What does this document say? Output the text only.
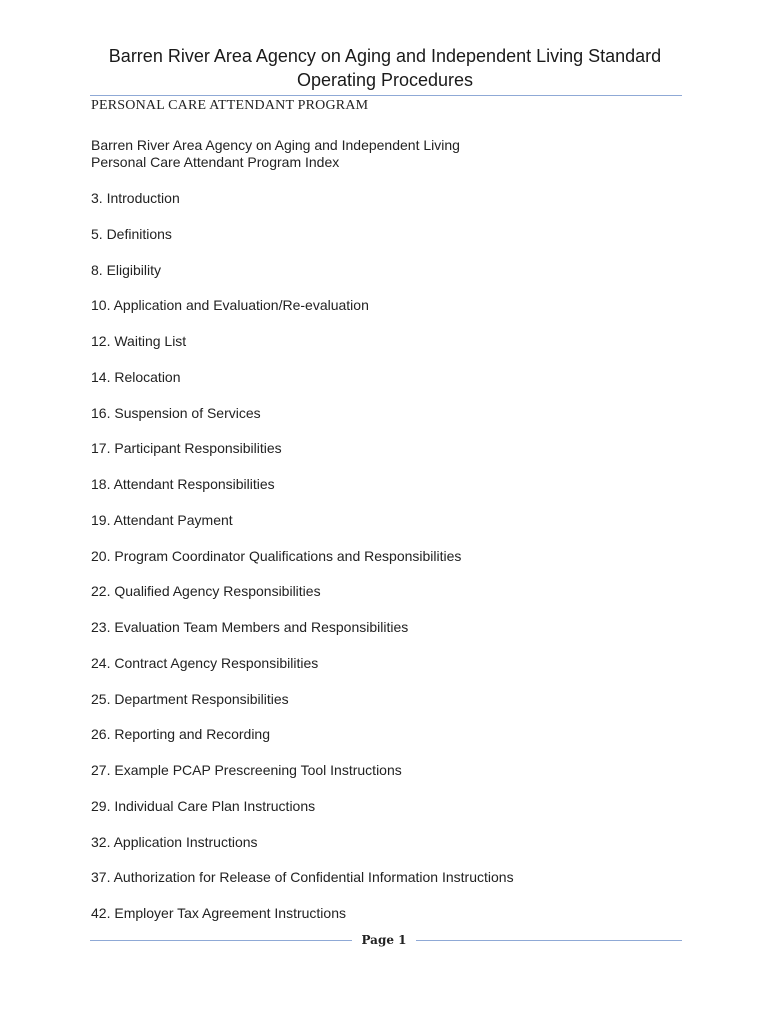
Barren River Area Agency on Aging and Independent Living Standard
Operating Procedures
PERSONAL CARE ATTENDANT PROGRAM
Barren River Area Agency on Aging and Independent Living
Personal Care Attendant Program Index
3. Introduction
5. Definitions
8. Eligibility
10. Application and Evaluation/Re-evaluation
12. Waiting List
14. Relocation
16. Suspension of Services
17. Participant Responsibilities
18. Attendant Responsibilities
19. Attendant Payment
20. Program Coordinator Qualifications and Responsibilities
22. Qualified Agency Responsibilities
23. Evaluation Team Members and Responsibilities
24. Contract Agency Responsibilities
25. Department Responsibilities
26. Reporting and Recording
27. Example PCAP Prescreening Tool Instructions
29. Individual Care Plan Instructions
32. Application Instructions
37. Authorization for Release of Confidential Information Instructions
42. Employer Tax Agreement Instructions
Page 1
